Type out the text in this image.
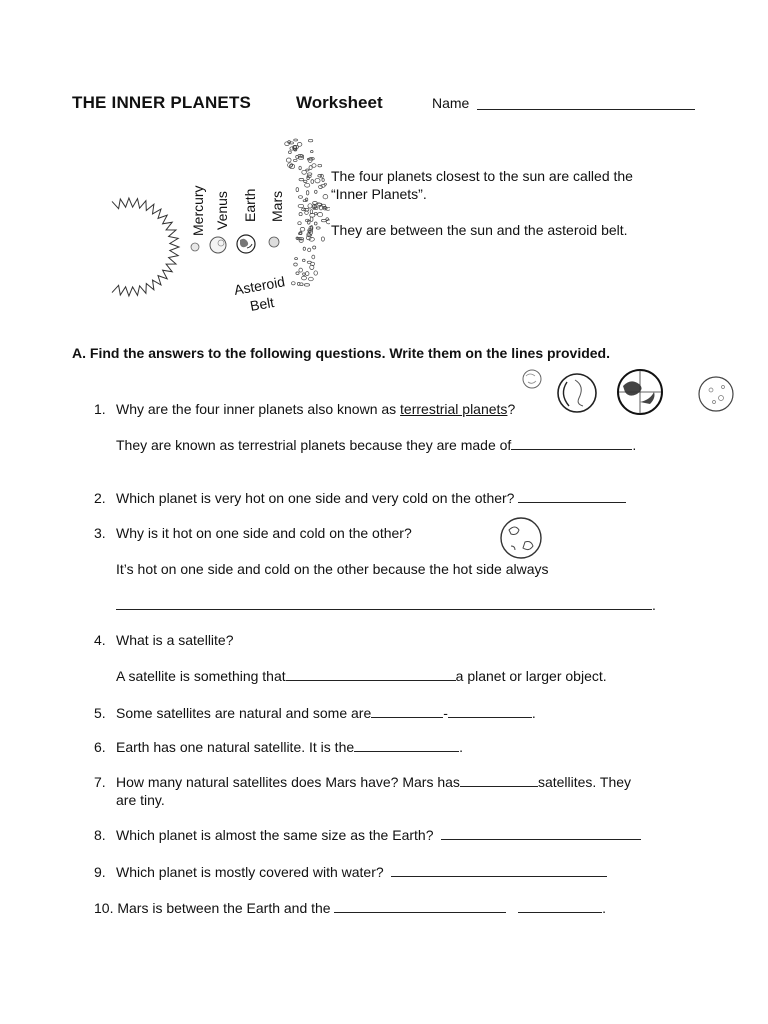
THE INNER PLANETS	Worksheet	Name
Mercury Venus Earth Mars
Asteroid
Belt
The four planets closest to the sun are called the
“Inner Planets”.
They are between the sun and the asteroid belt.
A. Find the answers to the following questions. Write them on the lines provided.
1. Why are the four inner planets also known as terrestrial planets?
They are known as terrestrial planets because they are made of	.
2. Which planet is very hot on one side and very cold on the other?
3. Why is it hot on one side and cold on the other?
It’s hot on one side and cold on the other because the hot side always
.
4. What is a satellite?
A satellite is something that	a planet or larger object.
5. Some satellites are natural and some are	-	.
6. Earth has one natural satellite. It is the	.
7. How many natural satellites does Mars have? Mars has	satellites. They
are tiny.
8. Which planet is almost the same size as the Earth?
9. Which planet is mostly covered with water?
10. Mars is between the Earth and the	.
